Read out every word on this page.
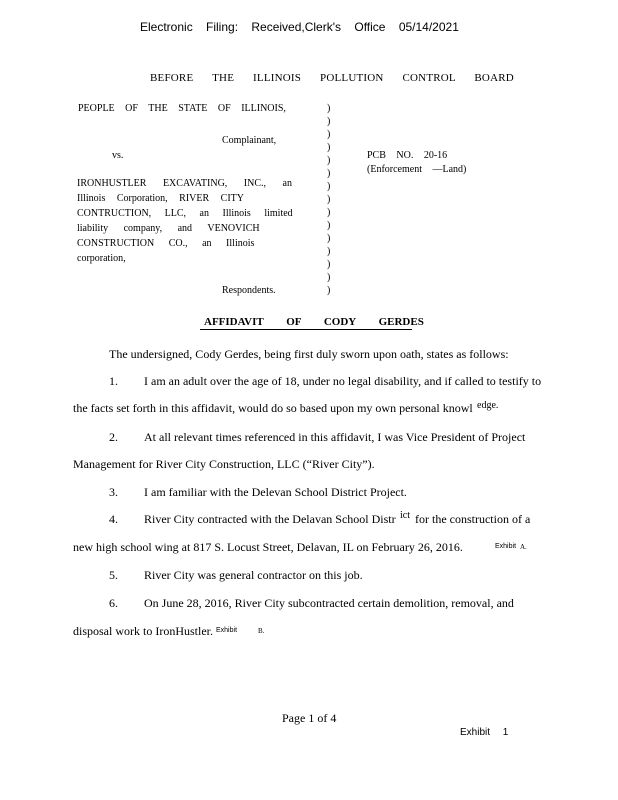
Electronic Filing: Received,Clerk's Office 05/14/2021
BEFORE THE ILLINOIS POLLUTION CONTROL BOARD
PEOPLE OF THE STATE OF ILLINOIS,
Complainant,
vs.
IRONHUSTLER EXCAVATING, INC., an
Illinois Corporation, RIVER CITY
CONTRUCTION, LLC, an Illinois limited
liability company, and VENOVICH
CONSTRUCTION CO., an Illinois
corporation,
Respondents.
)
)
)
)
)
)
)
)
)
)
)
)
)
)
)
PCB NO. 20-16
(Enforcement —Land)
AFFIDAVIT OF CODY GERDES
The undersigned, Cody Gerdes, being first duly sworn upon oath, states as follows:
1. I am an adult over the age of 18, under no legal disability, and if called to testify to
the facts set forth in this affidavit, would do so based upon my own personal knowl edge.
2. At all relevant times referenced in this affidavit, I was Vice President of Project
Management for River City Construction, LLC (“River City”).
3. I am familiar with the Delevan School District Project.
4. River City contracted with the Delavan School Distr ict for the construction of a
new high school wing at 817 S. Locust Street, Delavan, IL on February 26, 2016.	Exhibit A.
5. River City was general contractor on this job.
6. On June 28, 2016, River City subcontracted certain demolition, removal, and
disposal work to IronHustler. Exhibit	B.
Page 1 of 4
Exhibit 1
